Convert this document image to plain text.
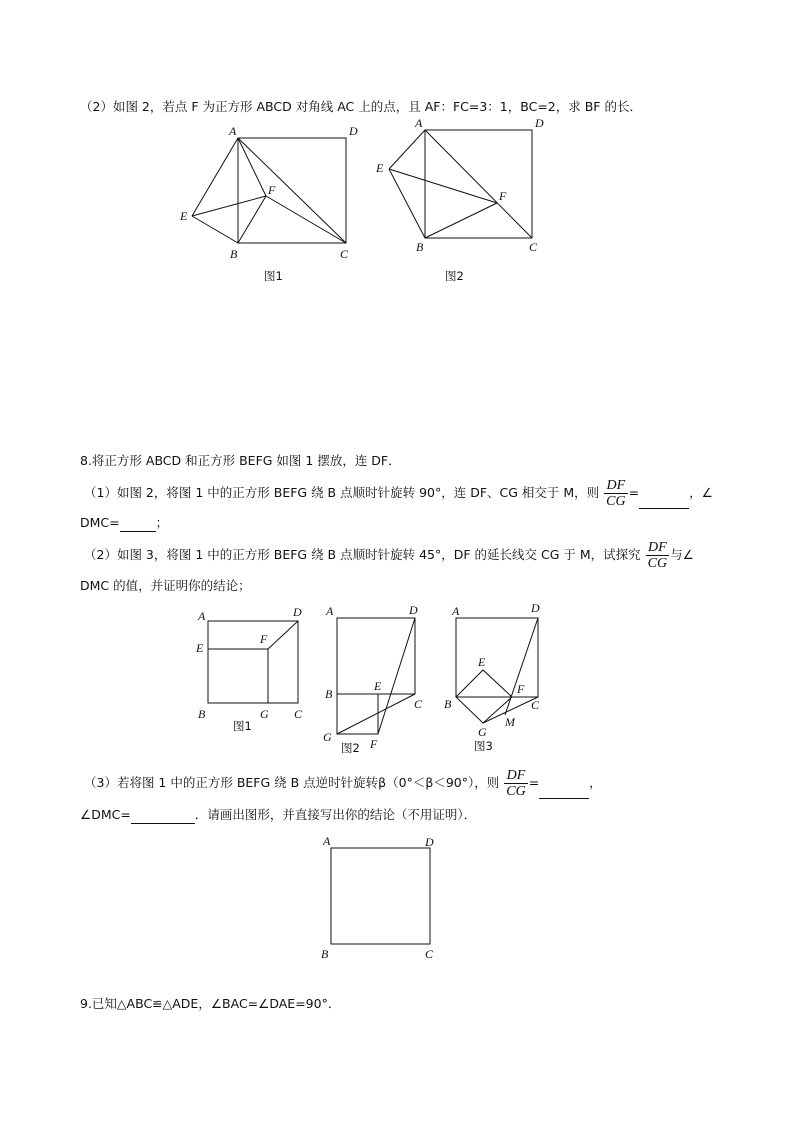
（2）如图 2，若点 F 为正方形 ABCD 对角线 AC 上的点，且 AF：FC=3：1，BC=2，求 BF 的长．
A	D
E
F
B	C
图1
A	D
E
F
B	C
图2
A	D
E
F
B	G C
图1
A	D
B
E
C
G	F
图2
A	D
E
B
F
C
M
G
图3
A	D
B	C
8.将正方形 ABCD 和正方形 BEFG 如图 1 摆放，连 DF．
（1）如图 2，将图 1 中的正方形 BEFG 绕 B 点顺时针旋转 90°，连 DF、CG 相交于 M，则 $\frac{DF}{CG}$ =	，∠
DMC=	；
（2）如图 3，将图 1 中的正方形 BEFG 绕 B 点顺时针旋转 45°，DF 的延长线交 CG 于 M，试探究 $\frac{DF}{CG}$ 与∠
DMC 的值，并证明你的结论；
（3）若将图 1 中的正方形 BEFG 绕 B 点逆时针旋转β（0°＜β＜90°），则 $\frac{DF}{CG}$ =	，
∠DMC=	．请画出图形，并直接写出你的结论（不用证明）．
9.已知△ABC≌△ADE，∠BAC=∠DAE=90°．
